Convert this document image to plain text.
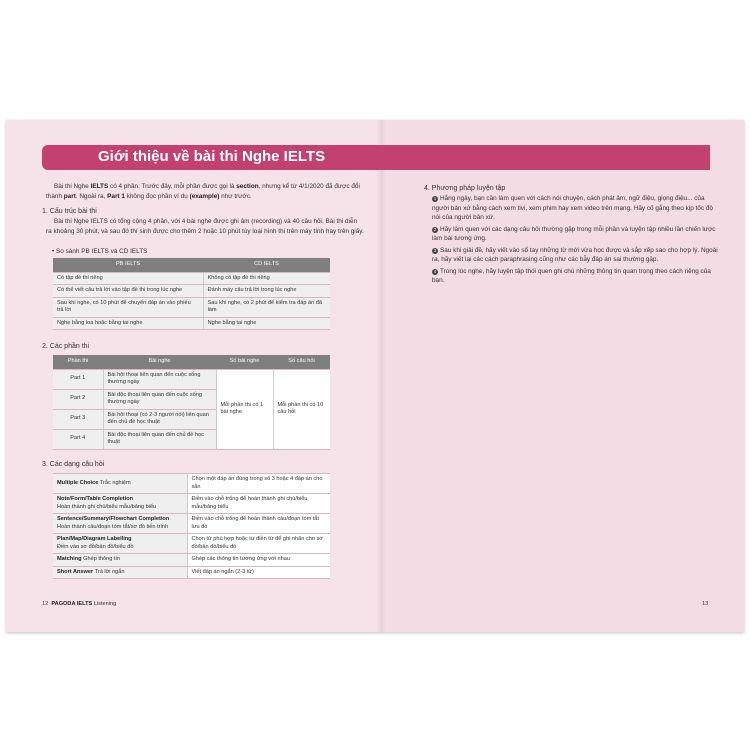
Giới thiệu về bài thi Nghe IELTS
Bài thi Nghe IELTS có 4 phần. Trước đây, mỗi phần được gọi là section, nhưng kể từ 4/1/2020 đã được đổi thành part. Ngoài ra, Part 1 không đọc phần ví dụ (example) như trước.
1. Cấu trúc bài thi
Bài thi Nghe IELTS có tổng cộng 4 phần, với 4 bài nghe được ghi âm (recording) và 40 câu hỏi. Bài thi diễn ra khoảng 30 phút, và sau đó thí sinh được cho thêm 2 hoặc 10 phút tùy loại hình thi trên máy tính hay trên giấy.
• So sánh PB IELTS và CD IELTS
PB IELTS	CD IELTS
Có tập đề thi riêng	Không có tập đề thi riêng
Có thể viết câu trả lời vào tập đề thi trong lúc nghe	Đánh máy câu trả lời trong lúc nghe
Sau khi nghe, có 10 phút để chuyển đáp án vào phiếu trả lời	Sau khi nghe, có 2 phút để kiểm tra đáp án đã làm
Nghe bằng loa hoặc bằng tai nghe	Nghe bằng tai nghe
2. Các phần thi
Phần thi	Bài nghe	Số bài nghe	Số câu hỏi
Part 1	Bài hội thoại liên quan đến cuộc sống thường ngày	Mỗi phần thi có 1 bài nghe	Mỗi phần thi có 10 câu hỏi
Part 2	Bài độc thoại liên quan đến cuộc sống thường ngày		
Part 3	Bài hội thoại (có 2-3 người nói) liên quan đến chủ đề học thuật		
Part 4	Bài độc thoại liên quan đến chủ đề học thuật		
3. Các dạng câu hỏi
Multiple Choice Trắc nghiệm	Chọn một đáp án đúng trong số 3 hoặc 4 đáp án cho sẵn
Note/Form/Table Completion
Hoàn thành ghi chú/biểu mẫu/bảng biểu	Điền vào chỗ trống để hoàn thành ghi chú/biểu mẫu/bảng biểu
Sentence/Summary/Flowchart Completion
Hoàn thành câu/đoạn tóm tắt/sơ đồ tiến trình	Điền vào chỗ trống để hoàn thành câu/đoạn tóm tắt lưu đồ
Plan/Map/Diagram Labelling
Điền vào sơ đồ/bản đồ/biểu đồ	Chọn từ phù hợp hoặc tự điền từ để ghi nhãn cho sơ đồ/bản đồ/biểu đồ
Matching Ghép thông tin	Ghép các thông tin tương ứng với nhau
Short Answer Trả lời ngắn	Viết đáp án ngắn (2-3 từ)
12 PAGODA IELTS Listening	13
4. Phương pháp luyện tập
1 Hằng ngày, bạn cần làm quen với cách nói chuyện, cách phát âm, ngữ điệu, giọng điệu... của người bản xứ bằng cách xem tivi, xem phim hay xem video trên mạng. Hãy cố gắng theo kịp tốc độ nói của người bản xứ.
2 Hãy làm quen với các dạng câu hỏi thường gặp trong mỗi phần và luyện tập nhiều lần chiến lược làm bài tương ứng.
3 Sau khi giải đề, hãy viết vào sổ tay những từ mới vừa học được và sắp xếp sao cho hợp lý. Ngoài ra, hãy viết lại các cách paraphrasing cũng như các bẫy đáp án sai thường gặp.
4 Trong lúc nghe, hãy luyện tập thói quen ghi chú những thông tin quan trọng theo cách riêng của bạn.
